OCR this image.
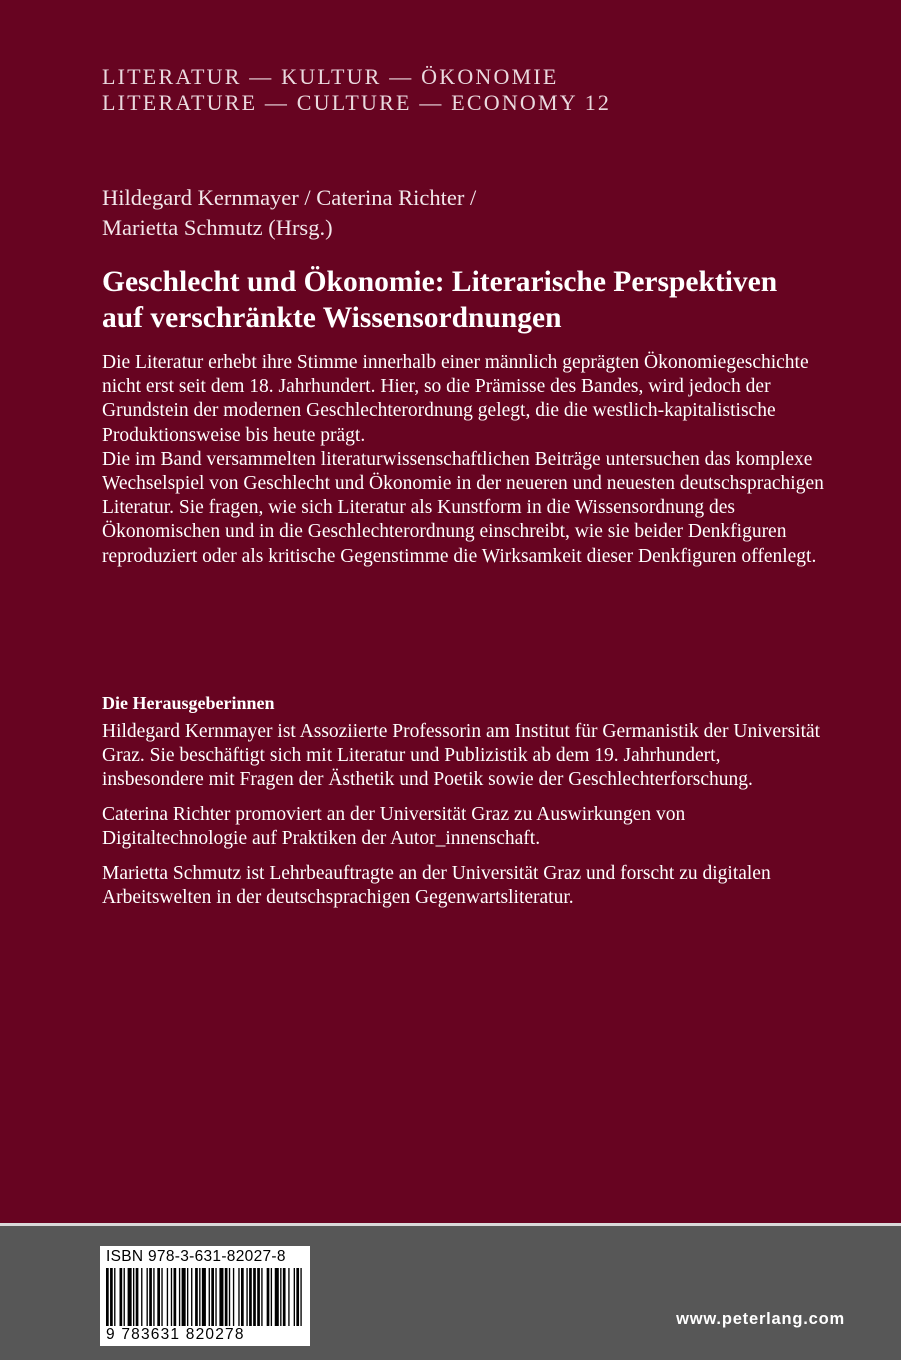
LITERATUR — KULTUR — ÖKONOMIE
LITERATURE — CULTURE — ECONOMY 12
Hildegard Kernmayer / Caterina Richter /
Marietta Schmutz (Hrsg.)
Geschlecht und Ökonomie: Literarische Perspektiven
auf verschränkte Wissensordnungen

Die Literatur erhebt ihre Stimme innerhalb einer männlich geprägten Ökonomiegeschichte nicht erst seit dem 18. Jahrhundert. Hier, so die Prämisse des Bandes, wird jedoch der Grundstein der modernen Geschlechterordnung gelegt, die die westlich-kapitalistische Produktionsweise bis heute prägt.

Die im Band versammelten literaturwissenschaftlichen Beiträge untersuchen das komplexe Wechselspiel von Geschlecht und Ökonomie in der neueren und neuesten deutschsprachigen Literatur. Sie fragen, wie sich Literatur als Kunstform in die Wissensordnung des Ökonomischen und in die Geschlechterordnung einschreibt, wie sie beider Denkfiguren reproduziert oder als kritische Gegenstimme die Wirksamkeit dieser Denkfiguren offenlegt.

Die Herausgeberinnen

Hildegard Kernmayer ist Assoziierte Professorin am Institut für Germanistik der Universität Graz. Sie beschäftigt sich mit Literatur und Publizistik ab dem 19. Jahrhundert, insbesondere mit Fragen der Ästhetik und Poetik sowie der Geschlechterforschung.

Caterina Richter promoviert an der Universität Graz zu Auswirkungen von Digitaltechnologie auf Praktiken der Autor_innenschaft.

Marietta Schmutz ist Lehrbeauftragte an der Universität Graz und forscht zu digitalen Arbeitswelten in der deutschsprachigen Gegenwartsliteratur.

ISBN 978-3-631-82027-8
9 783631 820278
www.peterlang.com
